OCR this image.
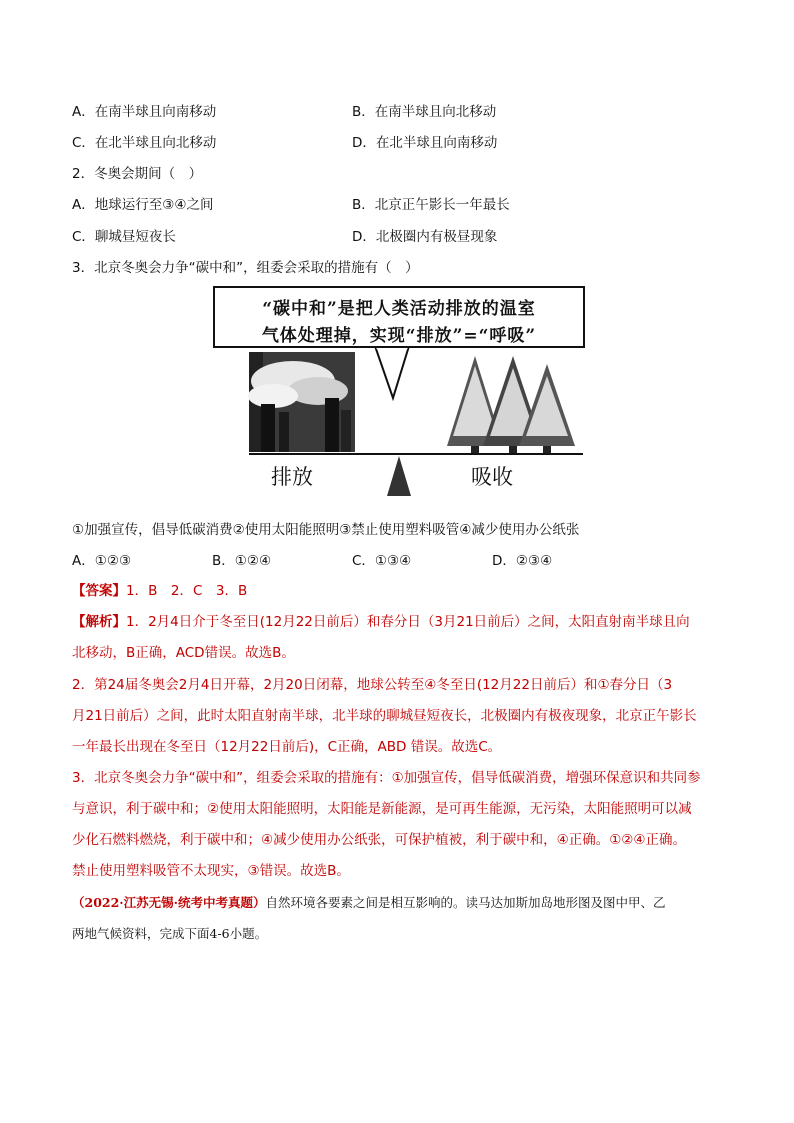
A．在南半球且向南移动	B．在南半球且向北移动
C．在北半球且向北移动	D．在北半球且向南移动
2．冬奥会期间（　）
A．地球运行至③④之间	B．北京正午影长一年最长
C．聊城昼短夜长	D．北极圈内有极昼现象
3．北京冬奥会力争“碳中和”，组委会采取的措施有（　）
“碳中和”是把人类活动排放的温室
气体处理掉，实现“排放”=“呼吸”
排放	吸收
①加强宣传，倡导低碳消费②使用太阳能照明③禁止使用塑料吸管④减少使用办公纸张
A．①②③	B．①②④	C．①③④	D．②③④
【答案】1．B　2．C　3．B
【解析】1．2月4日介于冬至日(12月22日前后）和春分日（3月21日前后）之间，太阳直射南半球且向
北移动，B正确，ACD错误。故选B。
2．第24届冬奥会2月4日开幕，2月20日闭幕，地球公转至④冬至日(12月22日前后）和①春分日（3
月21日前后）之间，此时太阳直射南半球，北半球的聊城昼短夜长，北极圈内有极夜现象，北京正午影长
一年最长出现在冬至日（12月22日前后)，C正确，ABD 错误。故选C。
3．北京冬奥会力争“碳中和”，组委会采取的措施有：①加强宣传，倡导低碳消费，增强环保意识和共同参
与意识，利于碳中和；②使用太阳能照明，太阳能是新能源，是可再生能源，无污染，太阳能照明可以减
少化石燃料燃烧，利于碳中和；④减少使用办公纸张，可保护植被，利于碳中和，④正确。①②④正确。
禁止使用塑料吸管不太现实，③错误。故选B。
（2022·江苏无锡·统考中考真题）自然环境各要素之间是相互影响的。读马达加斯加岛地形图及图中甲、乙
两地气候资料，完成下面4-6小题。
